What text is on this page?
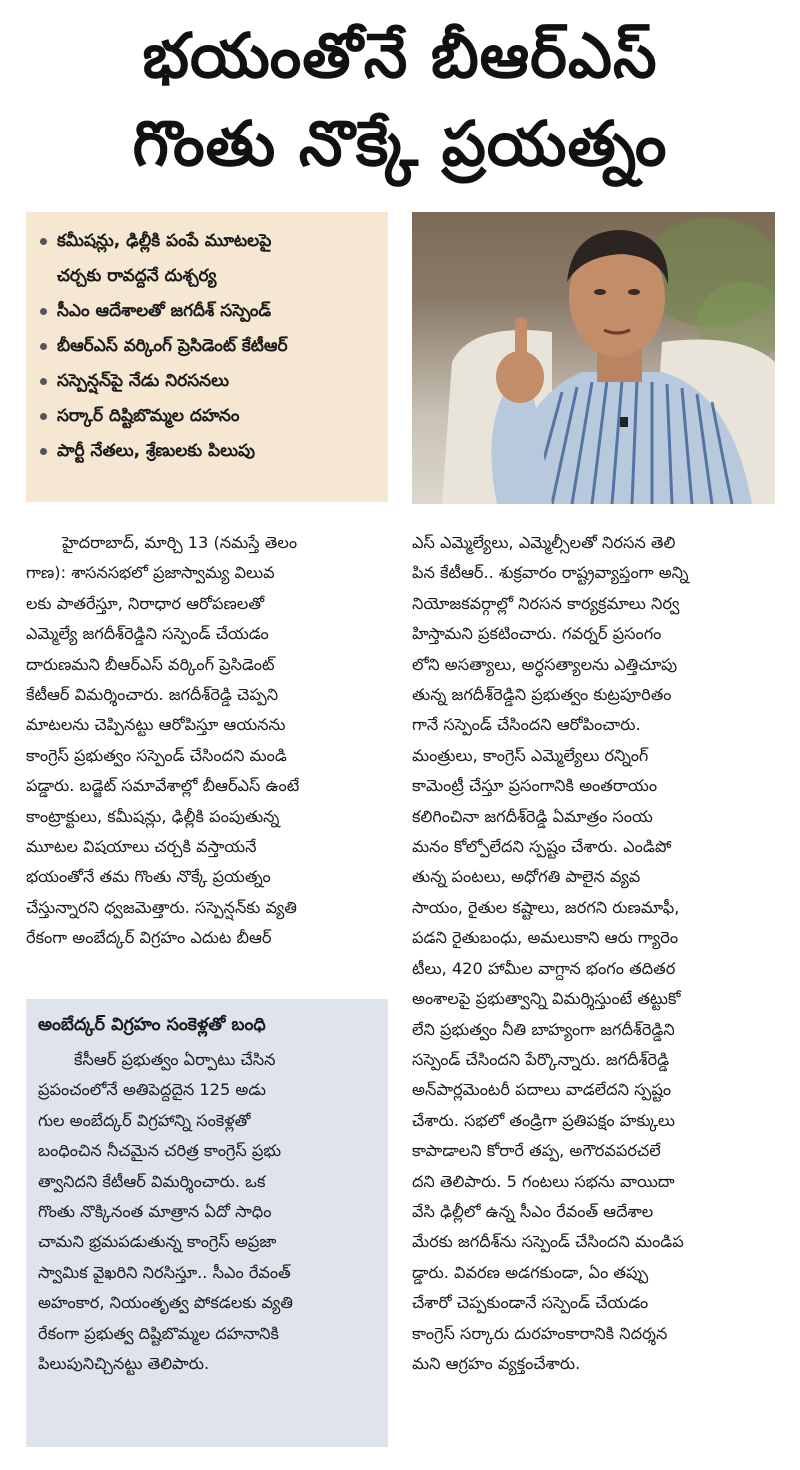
భయంతోనే బీఆర్‌ఎస్‌
గొంతు నొక్కే ప్రయత్నం
కమీషన్లు, ఢిల్లీకి పంపే మూటలపై
చర్చకు రావద్దనే దుశ్చర్య
సీఎం ఆదేశాలతో జగదీశ్‌ సస్పెండ్‌
బీఆర్‌ఎస్‌ వర్కింగ్‌ ప్రెసిడెంట్‌ కేటీఆర్‌
సస్పెన్షన్‌పై నేడు నిరసనలు
సర్కార్‌ దిష్టిబొమ్మల దహనం
పార్టీ నేతలు, శ్రేణులకు పిలుపు

హైదరాబాద్‌, మార్చి 13 (నమస్తే తెలం

గాణ): శాసనసభలో ప్రజాస్వామ్య విలువ

లకు పాతరేస్తూ, నిరాధార ఆరోపణలతో

ఎమ్మెల్యే జగదీశ్‌రెడ్డిని సస్పెండ్‌ చేయడం

దారుణమని బీఆర్‌ఎస్‌ వర్కింగ్‌ ప్రెసిడెంట్‌

కేటీఆర్‌ విమర్శించారు. జగదీశ్‌రెడ్డి చెప్పని

మాటలను చెప్పినట్టు ఆరోపిస్తూ ఆయనను

కాంగ్రెస్‌ ప్రభుత్వం సస్పెండ్‌ చేసిందని మండి

పడ్డారు. బడ్జెట్‌ సమావేశాల్లో బీఆర్‌ఎస్‌ ఉంటే

కాంట్రాక్టులు, కమీషన్లు, ఢిల్లీకి పంపుతున్న

మూటల విషయాలు చర్చకి వస్తాయనే

భయంతోనే తమ గొంతు నొక్కే ప్రయత్నం

చేస్తున్నారని ధ్వజమెత్తారు. సస్పెన్షన్‌కు వ్యతి

రేకంగా అంబేద్కర్‌ విగ్రహం ఎదుట బీఆర్‌

అంబేద్కర్‌ విగ్రహం సంకెళ్లతో బంధి

కేసీఆర్‌ ప్రభుత్వం ఏర్పాటు చేసిన

ప్రపంచంలోనే అతిపెద్దదైన 125 అడు

గుల అంబేద్కర్‌ విగ్రహాన్ని సంకెళ్లతో

బంధించిన నీచమైన చరిత్ర కాంగ్రెస్‌ ప్రభు

త్వానిదని కేటీఆర్‌ విమర్శించారు. ఒక

గొంతు నొక్కినంత మాత్రాన ఏదో సాధిం

చామని భ్రమపడుతున్న కాంగ్రెస్‌ అప్రజా

స్వామిక వైఖరిని నిరసిస్తూ.. సీఎం రేవంత్‌

అహంకార, నియంతృత్వ పోకడలకు వ్యతి

రేకంగా ప్రభుత్వ దిష్టిబొమ్మల దహనానికి

పిలుపునిచ్చినట్టు తెలిపారు.

ఎస్‌ ఎమ్మెల్యేలు, ఎమ్మెల్సీలతో నిరసన తెలి

పిన కేటీఆర్‌.. శుక్రవారం రాష్ట్రవ్యాప్తంగా అన్ని

నియోజకవర్గాల్లో నిరసన కార్యక్రమాలు నిర్వ

హిస్తామని ప్రకటించారు. గవర్నర్‌ ప్రసంగం

లోని అసత్యాలు, అర్ధసత్యాలను ఎత్తిచూపు

తున్న జగదీశ్‌రెడ్డిని ప్రభుత్వం కుట్రపూరితం

గానే సస్పెండ్‌ చేసిందని ఆరోపించారు.

మంత్రులు, కాంగ్రెస్‌ ఎమ్మెల్యేలు రన్నింగ్‌

కామెంట్రీ చేస్తూ ప్రసంగానికి అంతరాయం

కలిగించినా జగదీశ్‌రెడ్డి ఏమాత్రం సంయ

మనం కోల్పోలేదని స్పష్టం చేశారు. ఎండిపో

తున్న పంటలు, అధోగతి పాలైన వ్యవ

సాయం, రైతుల కష్టాలు, జరగని రుణమాఫీ,

పడని రైతుబంధు, అమలుకాని ఆరు గ్యారెం

టీలు, 420 హామీల వాగ్దాన భంగం తదితర

అంశాలపై ప్రభుత్వాన్ని విమర్శిస్తుంటే తట్టుకో

లేని ప్రభుత్వం నీతి బాహ్యంగా జగదీశ్‌రెడ్డిని

సస్పెండ్‌ చేసిందని పేర్కొన్నారు. జగదీశ్‌రెడ్డి

అన్‌పార్లమెంటరీ పదాలు వాడలేదని స్పష్టం

చేశారు. సభలో తండ్రిగా ప్రతిపక్షం హక్కులు

కాపాడాలని కోరారే తప్ప, అగౌరవపరచలే

దని తెలిపారు. 5 గంటలు సభను వాయిదా

వేసి ఢిల్లీలో ఉన్న సీఎం రేవంత్‌ ఆదేశాల

మేరకు జగదీశ్‌ను సస్పెండ్‌ చేసిందని మండిప

డ్డారు. వివరణ అడగకుండా, ఏం తప్పు

చేశారో చెప్పకుండానే సస్పెండ్‌ చేయడం

కాంగ్రెస్‌ సర్కారు దురహంకారానికి నిదర్శన

మని ఆగ్రహం వ్యక్తంచేశారు.
